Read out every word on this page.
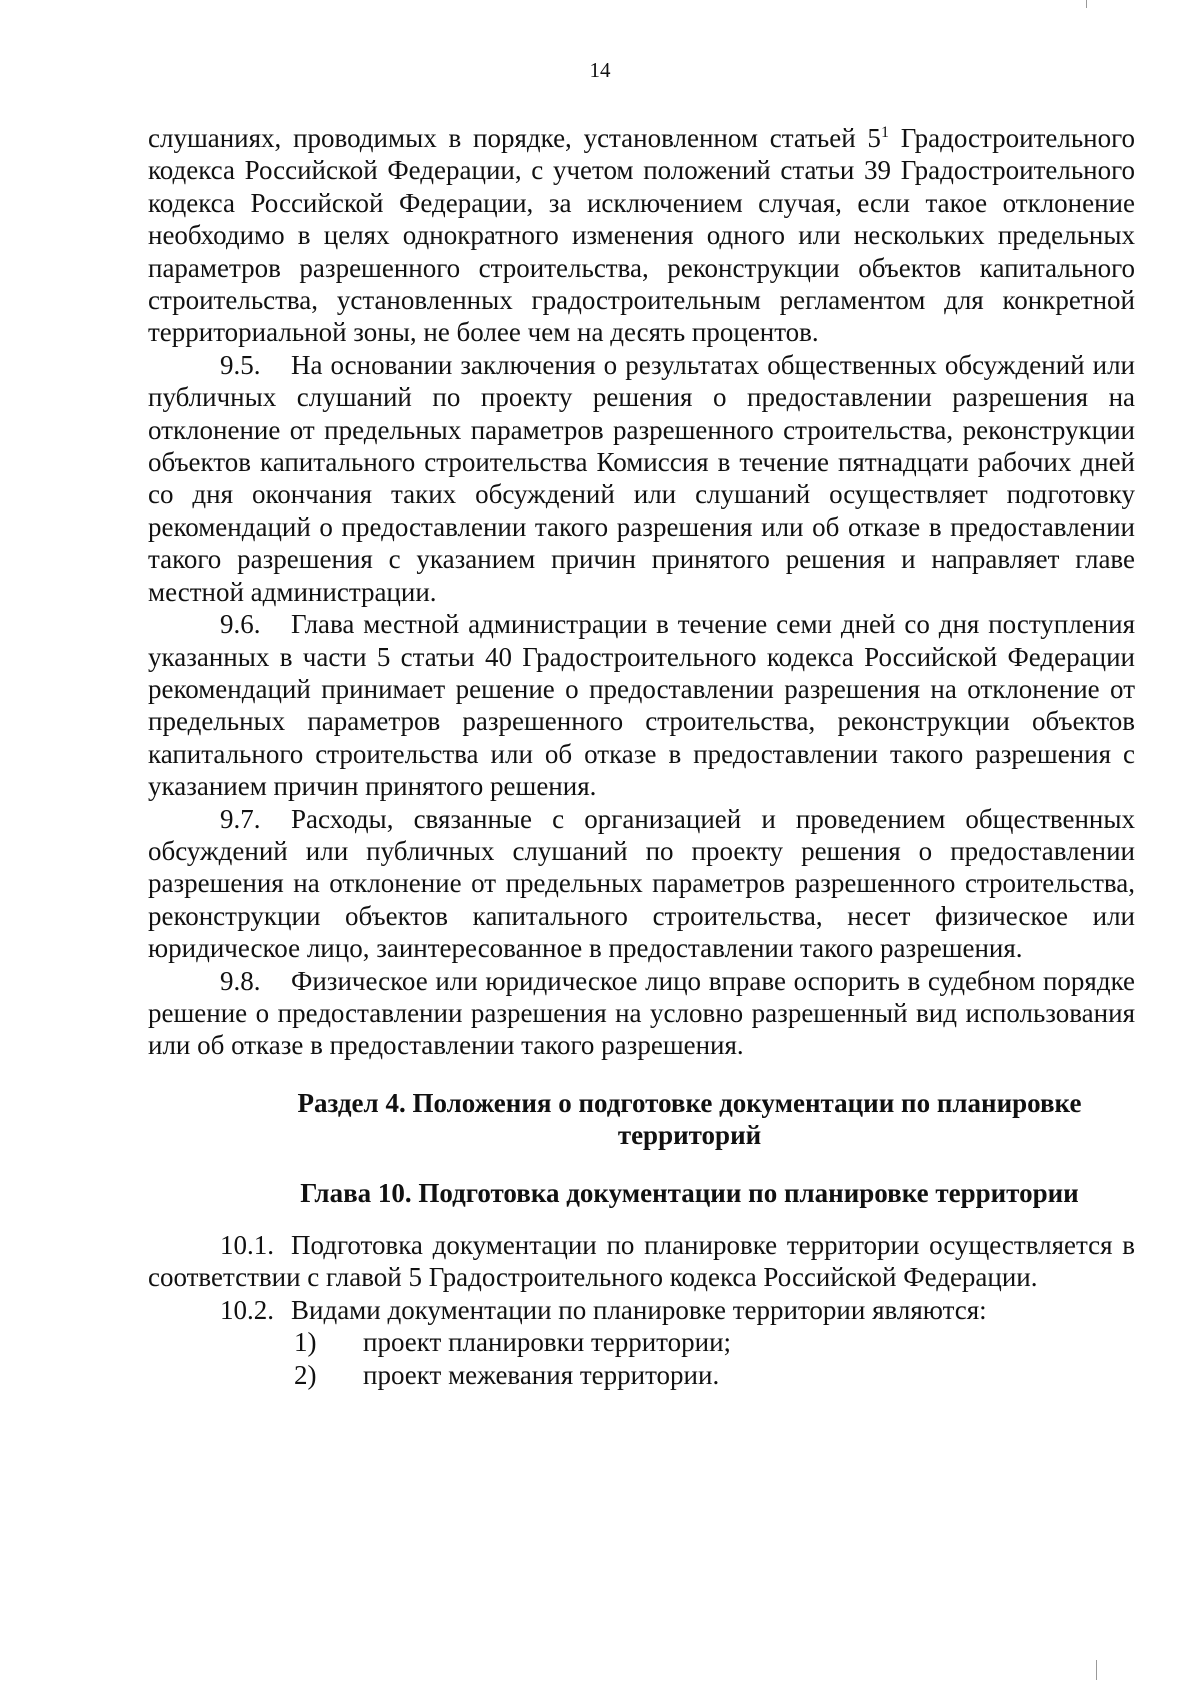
14

слушаниях, проводимых в порядке, установленном статьей $5^1$ Градостроительного кодекса Российской Федерации, с учетом положений статьи 39 Градостроительного кодекса Российской Федерации, за исключением случая, если такое отклонение необходимо в целях однократного изменения одного или нескольких предельных параметров разрешенного строительства, реконструкции объектов капитального строительства, установленных градостроительным регламентом для конкретной территориальной зоны, не более чем на десять процентов.

9.5. На основании заключения о результатах общественных обсуждений или публичных слушаний по проекту решения о предоставлении разрешения на отклонение от предельных параметров разрешенного строительства, реконструкции объектов капитального строительства Комиссия в течение пятнадцати рабочих дней со дня окончания таких обсуждений или слушаний осуществляет подготовку рекомендаций о предоставлении такого разрешения или об отказе в предоставлении такого разрешения с указанием причин принятого решения и направляет главе местной администрации.

9.6. Глава местной администрации в течение семи дней со дня поступления указанных в части 5 статьи 40 Градостроительного кодекса Российской Федерации рекомендаций принимает решение о предоставлении разрешения на отклонение от предельных параметров разрешенного строительства, реконструкции объектов капитального строительства или об отказе в предоставлении такого разрешения с указанием причин принятого решения.

9.7. Расходы, связанные с организацией и проведением общественных обсуждений или публичных слушаний по проекту решения о предоставлении разрешения на отклонение от предельных параметров разрешенного строительства, реконструкции объектов капитального строительства, несет физическое или юридическое лицо, заинтересованное в предоставлении такого разрешения.

9.8. Физическое или юридическое лицо вправе оспорить в судебном порядке решение о предоставлении разрешения на условно разрешенный вид использования или об отказе в предоставлении такого разрешения.

Раздел 4. Положения о подготовке документации по планировке
территорий

Глава 10. Подготовка документации по планировке территории

10.1. Подготовка документации по планировке территории осуществляется в соответствии с главой 5 Градостроительного кодекса Российской Федерации.

10.2. Видами документации по планировке территории являются:

1) проект планировки территории;

2) проект межевания территории.
